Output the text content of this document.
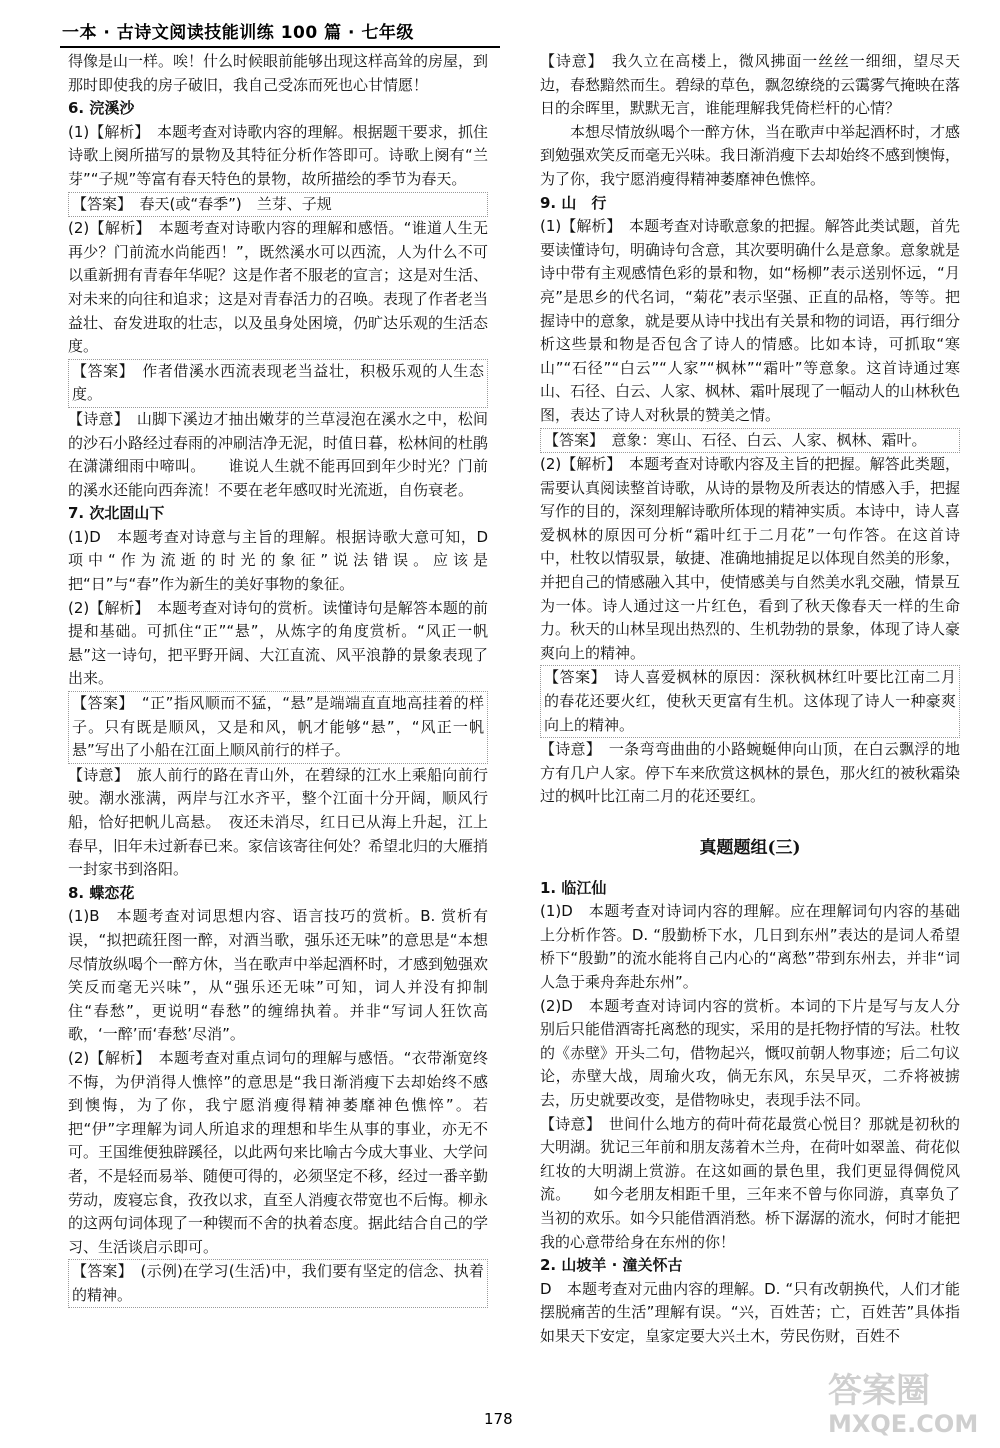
一本 · 古诗文阅读技能训练 100 篇 · 七年级

得像是山一样。唉！什么时候眼前能够出现这样高耸的房屋，到那时即使我的房子破旧，我自己受冻而死也心甘情愿！

6. 浣溪沙

(1)【解析】　本题考查对诗歌内容的理解。根据题干要求，抓住诗歌上阕所描写的景物及其特征分析作答即可。诗歌上阕有“兰芽”“子规”等富有春天特色的景物，故所描绘的季节为春天。

【答案】　春天(或“春季”)　兰芽、子规

(2)【解析】　本题考查对诗歌内容的理解和感悟。“谁道人生无再少？门前流水尚能西！”，既然溪水可以西流，人为什么不可以重新拥有青春年华呢？这是作者不服老的宣言；这是对生活、对未来的向往和追求；这是对青春活力的召唤。表现了作者老当益壮、奋发进取的壮志，以及虽身处困境，仍旷达乐观的生活态度。

【答案】　作者借溪水西流表现老当益壮，积极乐观的人生态度。

【诗意】　山脚下溪边才抽出嫩芽的兰草浸泡在溪水之中，松间的沙石小路经过春雨的冲刷洁净无泥，时值日暮，松林间的杜鹃在潇潇细雨中啼叫。　　谁说人生就不能再回到年少时光？门前的溪水还能向西奔流！不要在老年感叹时光流逝，自伤衰老。

7. 次北固山下

(1)D　本题考查对诗意与主旨的理解。根据诗歌大意可知，D 项中“作为流逝的时光的象征”说法错误。应该是把“日”与“春”作为新生的美好事物的象征。

(2)【解析】　本题考查对诗句的赏析。读懂诗句是解答本题的前提和基础。可抓住“正”“悬”，从炼字的角度赏析。“风正一帆悬”这一诗句，把平野开阔、大江直流、风平浪静的景象表现了出来。

【答案】　“正”指风顺而不猛，“悬”是端端直直地高挂着的样子。只有既是顺风，又是和风，帆才能够“悬”，“风正一帆悬”写出了小船在江面上顺风前行的样子。

【诗意】　旅人前行的路在青山外，在碧绿的江水上乘船向前行驶。潮水涨满，两岸与江水齐平，整个江面十分开阔，顺风行船，恰好把帆儿高悬。　夜还未消尽，红日已从海上升起，江上春早，旧年未过新春已来。家信该寄往何处？希望北归的大雁捎一封家书到洛阳。

8. 蝶恋花

(1)B　本题考查对词思想内容、语言技巧的赏析。B. 赏析有误，“拟把疏狂图一醉，对酒当歌，强乐还无味”的意思是“本想尽情放纵喝个一醉方休，当在歌声中举起酒杯时，才感到勉强欢笑反而毫无兴味”，从“强乐还无味”可知，词人并没有抑制住“春愁”，更说明“春愁”的缠绵执着。并非“写词人狂饮高歌，‘一醉’而‘春愁’尽消”。

(2)【解析】　本题考查对重点词句的理解与感悟。“衣带渐宽终不悔，为伊消得人憔悴”的意思是“我日渐消瘦下去却始终不感到懊悔，为了你，我宁愿消瘦得精神萎靡神色憔悴”。若把“伊”字理解为词人所追求的理想和毕生从事的事业，亦无不可。王国维便独辟蹊径，以此两句来比喻古今成大事业、大学问者，不是轻而易举、随便可得的，必须坚定不移，经过一番辛勤劳动，废寝忘食，孜孜以求，直至人消瘦衣带宽也不后悔。柳永的这两句词体现了一种锲而不舍的执着态度。据此结合自己的学习、生活谈启示即可。

【答案】　(示例)在学习(生活)中，我们要有坚定的信念、执着的精神。

【诗意】　我久立在高楼上，微风拂面一丝丝一细细，望尽天边，春愁黯然而生。碧绿的草色，飘忽缭绕的云霭雾气掩映在落日的余晖里，默默无言，谁能理解我凭倚栏杆的心情？

　　本想尽情放纵喝个一醉方休，当在歌声中举起酒杯时，才感到勉强欢笑反而毫无兴味。我日渐消瘦下去却始终不感到懊悔，为了你，我宁愿消瘦得精神萎靡神色憔悴。

9. 山　行

(1)【解析】　本题考查对诗歌意象的把握。解答此类试题，首先要读懂诗句，明确诗句含意，其次要明确什么是意象。意象就是诗中带有主观感情色彩的景和物，如“杨柳”表示送别怀远，“月亮”是思乡的代名词，“菊花”表示坚强、正直的品格，等等。把握诗中的意象，就是要从诗中找出有关景和物的词语，再行细分析这些景和物是否包含了诗人的情感。比如本诗，可抓取“寒山”“石径”“白云”“人家”“枫林”“霜叶”等意象。这首诗通过寒山、石径、白云、人家、枫林、霜叶展现了一幅动人的山林秋色图，表达了诗人对秋景的赞美之情。

【答案】　意象：寒山、石径、白云、人家、枫林、霜叶。

(2)【解析】　本题考查对诗歌内容及主旨的把握。解答此类题，需要认真阅读整首诗歌，从诗的景物及所表达的情感入手，把握写作的目的，深刻理解诗歌所体现的精神实质。本诗中，诗人喜爱枫林的原因可分析“霜叶红于二月花”一句作答。在这首诗中，杜牧以情驭景，敏捷、准确地捕捉足以体现自然美的形象，并把自己的情感融入其中，使情感美与自然美水乳交融，情景互为一体。诗人通过这一片红色，看到了秋天像春天一样的生命力。秋天的山林呈现出热烈的、生机勃勃的景象，体现了诗人豪爽向上的精神。

【答案】　诗人喜爱枫林的原因：深秋枫林红叶要比江南二月的春花还要火红，使秋天更富有生机。这体现了诗人一种豪爽向上的精神。

【诗意】　一条弯弯曲曲的小路蜿蜒伸向山顶，在白云飘浮的地方有几户人家。停下车来欣赏这枫林的景色，那火红的被秋霜染过的枫叶比江南二月的花还要红。

真题题组(三)

1. 临江仙

(1)D　本题考查对诗词内容的理解。应在理解词句内容的基础上分析作答。D. “殷勤桥下水，几日到东州”表达的是词人希望桥下“殷勤”的流水能将自己内心的“离愁”带到东州去，并非“词人急于乘舟奔赴东州”。

(2)D　本题考查对诗词内容的赏析。本词的下片是写与友人分别后只能借酒寄托离愁的现实，采用的是托物抒情的写法。杜牧的《赤壁》开头二句，借物起兴，慨叹前朝人物事迹；后二句议论，赤壁大战，周瑜火攻，倘无东风，东吴早灭，二乔将被掳去，历史就要改变，是借物咏史，表现手法不同。

【诗意】　世间什么地方的荷叶荷花最赏心悦目？那就是初秋的大明湖。犹记三年前和朋友荡着木兰舟，在荷叶如翠盖、荷花似红妆的大明湖上赏游。在这如画的景色里，我们更显得倜傥风流。　　如今老朋友相距千里，三年来不曾与你同游，真辜负了当初的欢乐。如今只能借酒消愁。桥下潺潺的流水，何时才能把我的心意带给身在东州的你！

2. 山坡羊 · 潼关怀古

D　本题考查对元曲内容的理解。D. “只有改朝换代，人们才能摆脱痛苦的生活”理解有误。“兴，百姓苦；亡，百姓苦”具体指如果天下安定，皇家定要大兴土木，劳民伤财，百姓不

178
答案圈
MXQE.COM
